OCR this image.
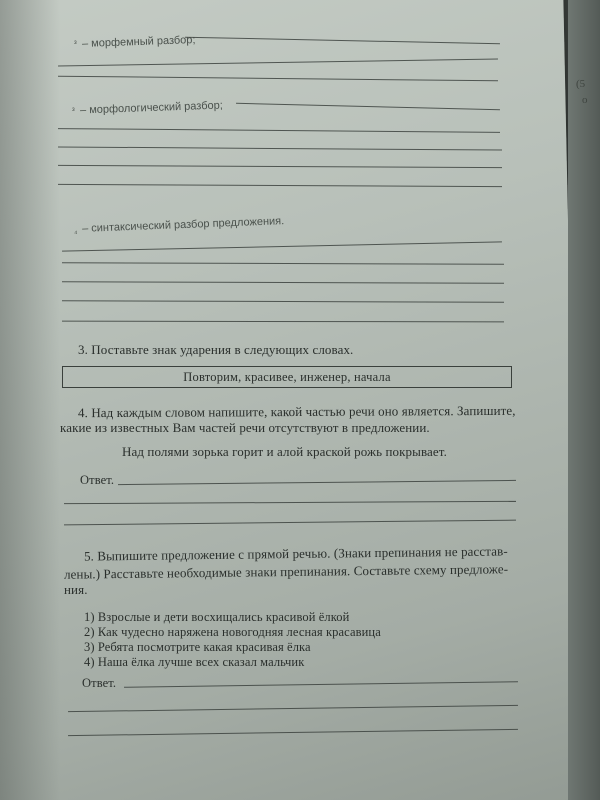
(5
о
³ – морфемный разбор;
³ – морфологический разбор;
⁴ – синтаксический разбор предложения.
3. Поставьте знак ударения в следующих словах.
Повторим, красивее, инженер, начала
4. Над каждым словом напишите, какой частью речи оно является. Запишите,
какие из известных Вам частей речи отсутствуют в предложении.
Над полями зорька горит и алой краской рожь покрывает.
Ответ.
5. Выпишите предложение с прямой речью. (Знаки препинания не расстав-
лены.) Расставьте необходимые знаки препинания. Составьте схему предложе-
ния.
1) Взрослые и дети восхищались красивой ёлкой
2) Как чудесно наряжена новогодняя лесная красавица
3) Ребята посмотрите какая красивая ёлка
4) Наша ёлка лучше всех сказал мальчик
Ответ.
